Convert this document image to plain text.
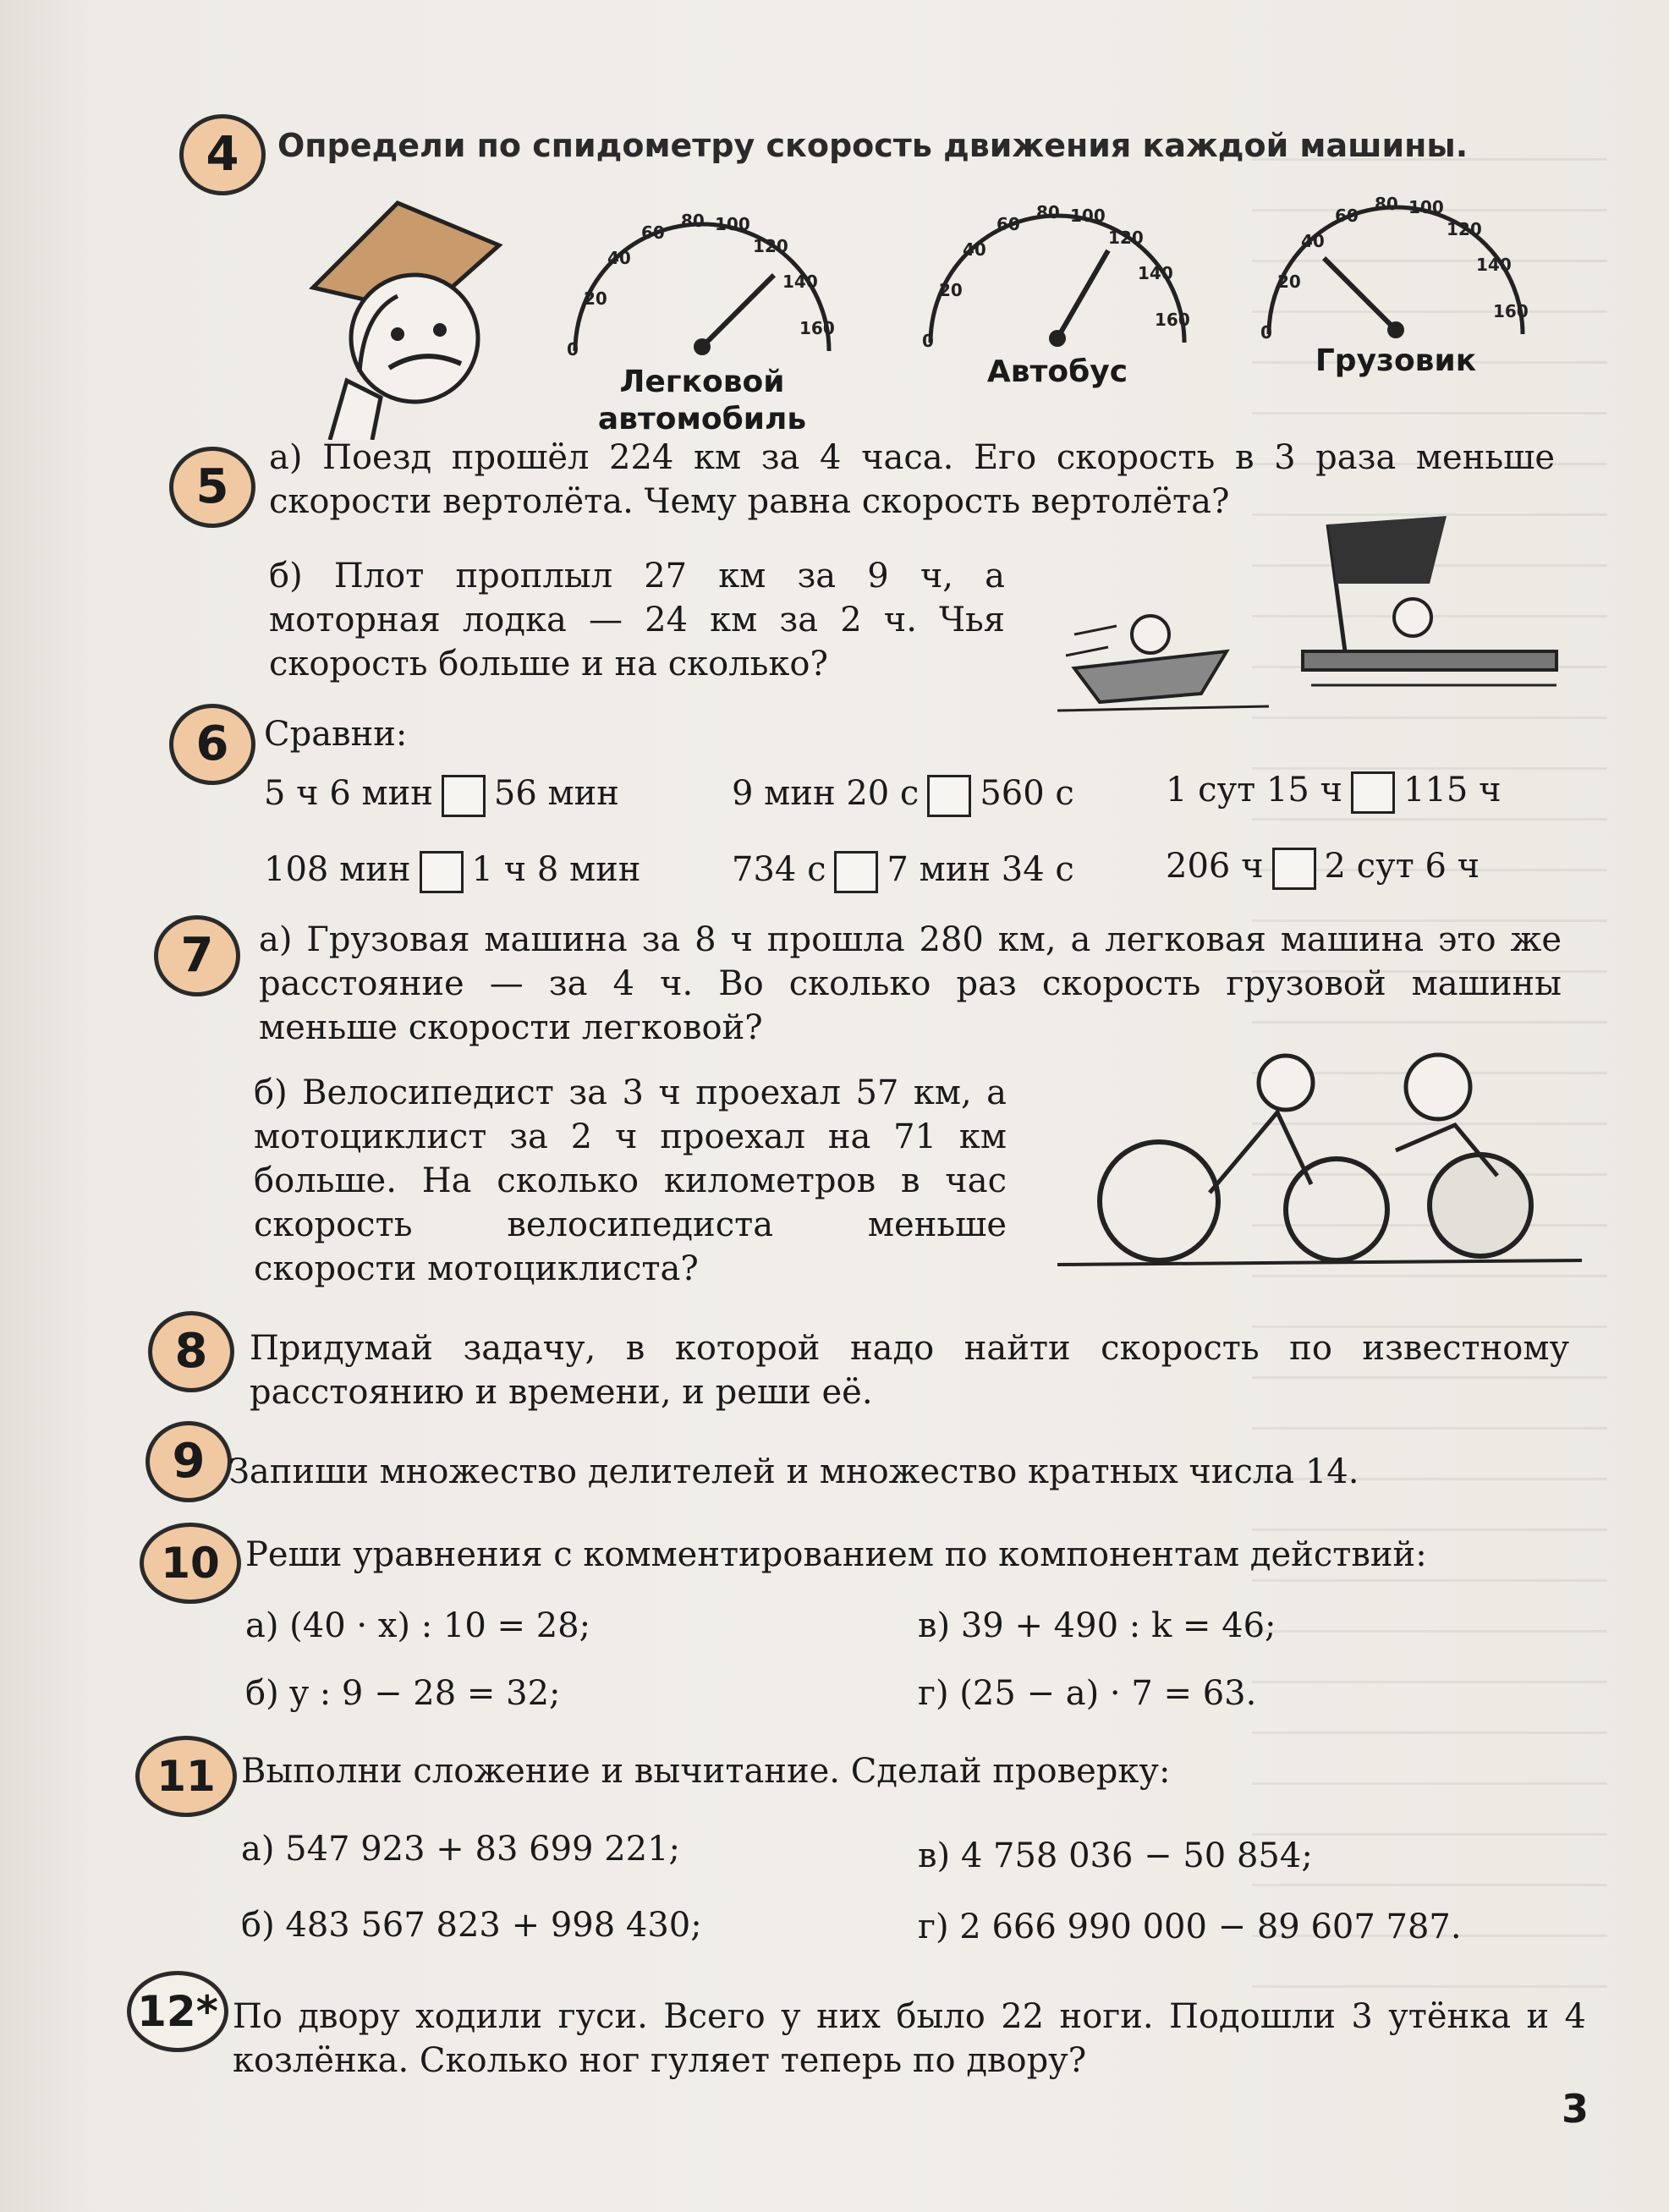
4	Определи по спидометру скорость движения каждой машины.
0
20
40
60
80 100
120
140
160
Легковой автомобиль
0
20
40
60
80 100
120
140
160
Автобус
0
20
40
60
80 100
120
140
160
Грузовик
5
а) Поезд прошёл 224 км за 4 часа. Его скорость в 3 раза меньше скорости вертолёта. Чему равна скорость вертолёта?
б) Плот проплыл 27 км за 9 ч, а моторная лодка — 24 км за 2 ч. Чья скорость больше и на сколько?
6	Сравни:
5 ч 6 мин 56 мин	9 мин 20 с 560 с	1 сут 15 ч 115 ч
108 мин 1 ч 8 мин	734 с 7 мин 34 с	206 ч 2 сут 6 ч
7	а) Грузовая машина за 8 ч прошла 280 км, а легковая машина это же расстояние — за 4 ч. Во сколько раз скорость грузовой машины меньше скорости легковой?
б) Велосипедист за 3 ч проехал 57 км, а мотоциклист за 2 ч проехал на 71 км больше. На сколько километров в час скорость велосипедиста меньше скорости мотоциклиста?
8	Придумай задачу, в которой надо найти скорость по известному расстоянию и времени, и реши её.
9 Запиши множество делителей и множество кратных числа 14.
10 Реши уравнения с комментированием по компонентам действий:
а) (40 · x) : 10 = 28;	в) 39 + 490 : k = 46;
б) y : 9 − 28 = 32;	г) (25 − a) · 7 = 63.
11 Выполни сложение и вычитание. Сделай проверку:
а) 547 923 + 83 699 221;	в) 4 758 036 − 50 854;
б) 483 567 823 + 998 430;	г) 2 666 990 000 − 89 607 787.
12* По двору ходили гуси. Всего у них было 22 ноги. Подошли 3 утёнка и 4 козлёнка. Сколько ног гуляет теперь по двору?
3
